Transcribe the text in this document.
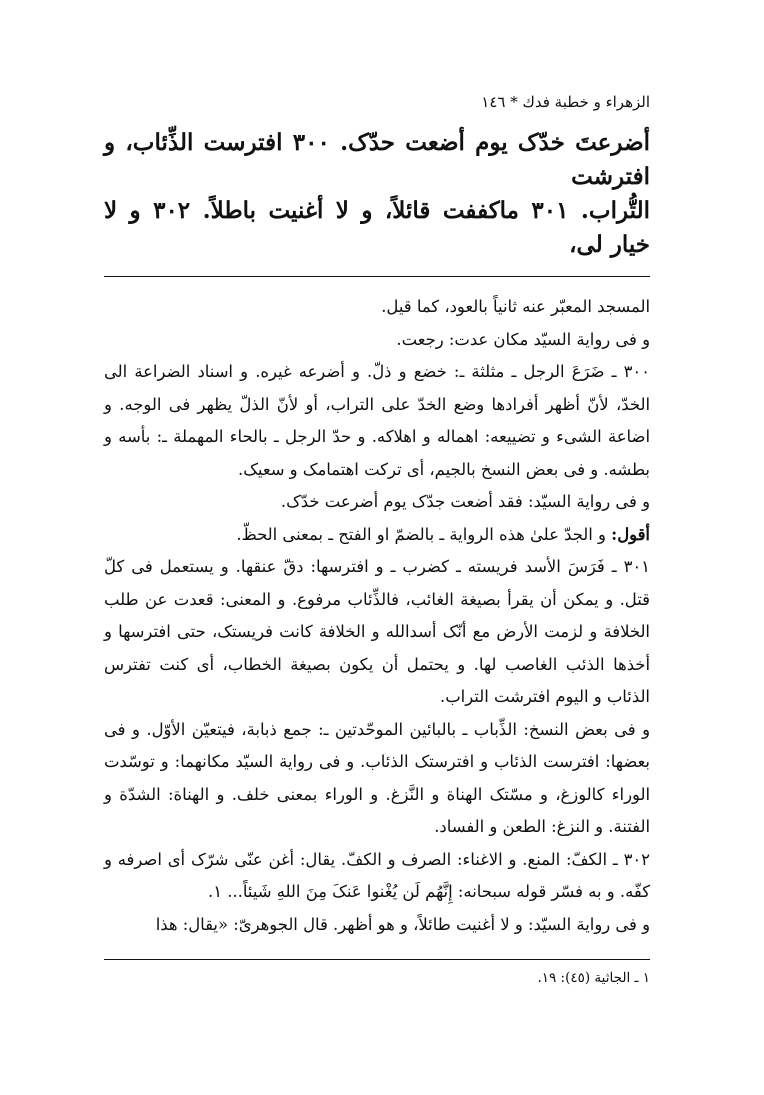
الزهراء و خطبة فدك * ١٤٦

أضرعتَ خدّک يوم أضعت حدّک. ٣٠٠ افترست الذِّئاب، و افترشت

التُّراب. ٣٠١ ماکففت قائلاً، و لا أغنيت باطلاً. ٣٠٢ و لا خيار لی،

المسجد المعبّر عنه ثانياً بالعود، کما قيل.

و فی رواية السيّد مکان عدت: رجعت.

٣٠٠ ـ ضَرَعَ الرجل ـ مثلثة ـ: خضع و ذلّ. و أضرعه غيره. و اسناد الضراعة الی الخدّ، لأنّ أظهر أفرادها وضع الخدّ علی التراب، أو لأنّ الذلّ يظهر فی الوجه. و اضاعة الشیء و تضييعه: اهماله و اهلاکه. و حدّ الرجل ـ بالحاء المهملة ـ: بأسه و بطشه. و فی بعض النسخ بالجيم، أی ترکت اهتمامک و سعيک.

و فی رواية السيّد: فقد أضعت جدّک يوم أضرعت خدّک.

أقول: و الجدّ علیٰ هذه الرواية ـ بالضمّ او الفتح ـ بمعنی الحظّ.

٣٠١ ـ فَرَسَ الأسد فريسته ـ کضرب ـ و افترسها: دقّ عنقها. و يستعمل فی کلّ قتل. و يمکن أن يقرأ بصيغة الغائب، فالذِّئاب مرفوع. و المعنی: قعدت عن طلب الخلافة و لزمت الأرض مع أنّک أسدالله و الخلافة کانت فريستک، حتی افترسها و أخذها الذئب الغاصب لها. و يحتمل أن يکون بصيغة الخطاب، أی کنت تفترس الذئاب و اليوم افترشت التراب.

و فی بعض النسخ: الذِّباب ـ بالبائين الموحّدتين ـ: جمع ذبابة، فيتعيّن الأوّل. و فی بعضها: افترست الذئاب و افترستک الذئاب. و فی رواية السيّد مکانهما: و توسّدت الوراء کالوزغ، و مسّتک الهناة و النَّزغ. و الوراء بمعنی خلف. و الهناة: الشدّة و الفتنة. و النزغ: الطعن و الفساد.

٣٠٢ ـ الکفّ: المنع. و الاغناء: الصرف و الکفّ. يقال: أغن عنّی شرّک أی اصرفه و کفّه. و به فسّر قوله سبحانه: إِنَّهُم لَن يُغْنوا عَنکَ مِنَ اللهِ شَيئاً... ١.

و فی رواية السيّد: و لا أغنيت طائلاً، و هو أظهر. قال الجوهریّ: «يقال: هذا

١ ـ الجاثية (٤٥): ١٩.
